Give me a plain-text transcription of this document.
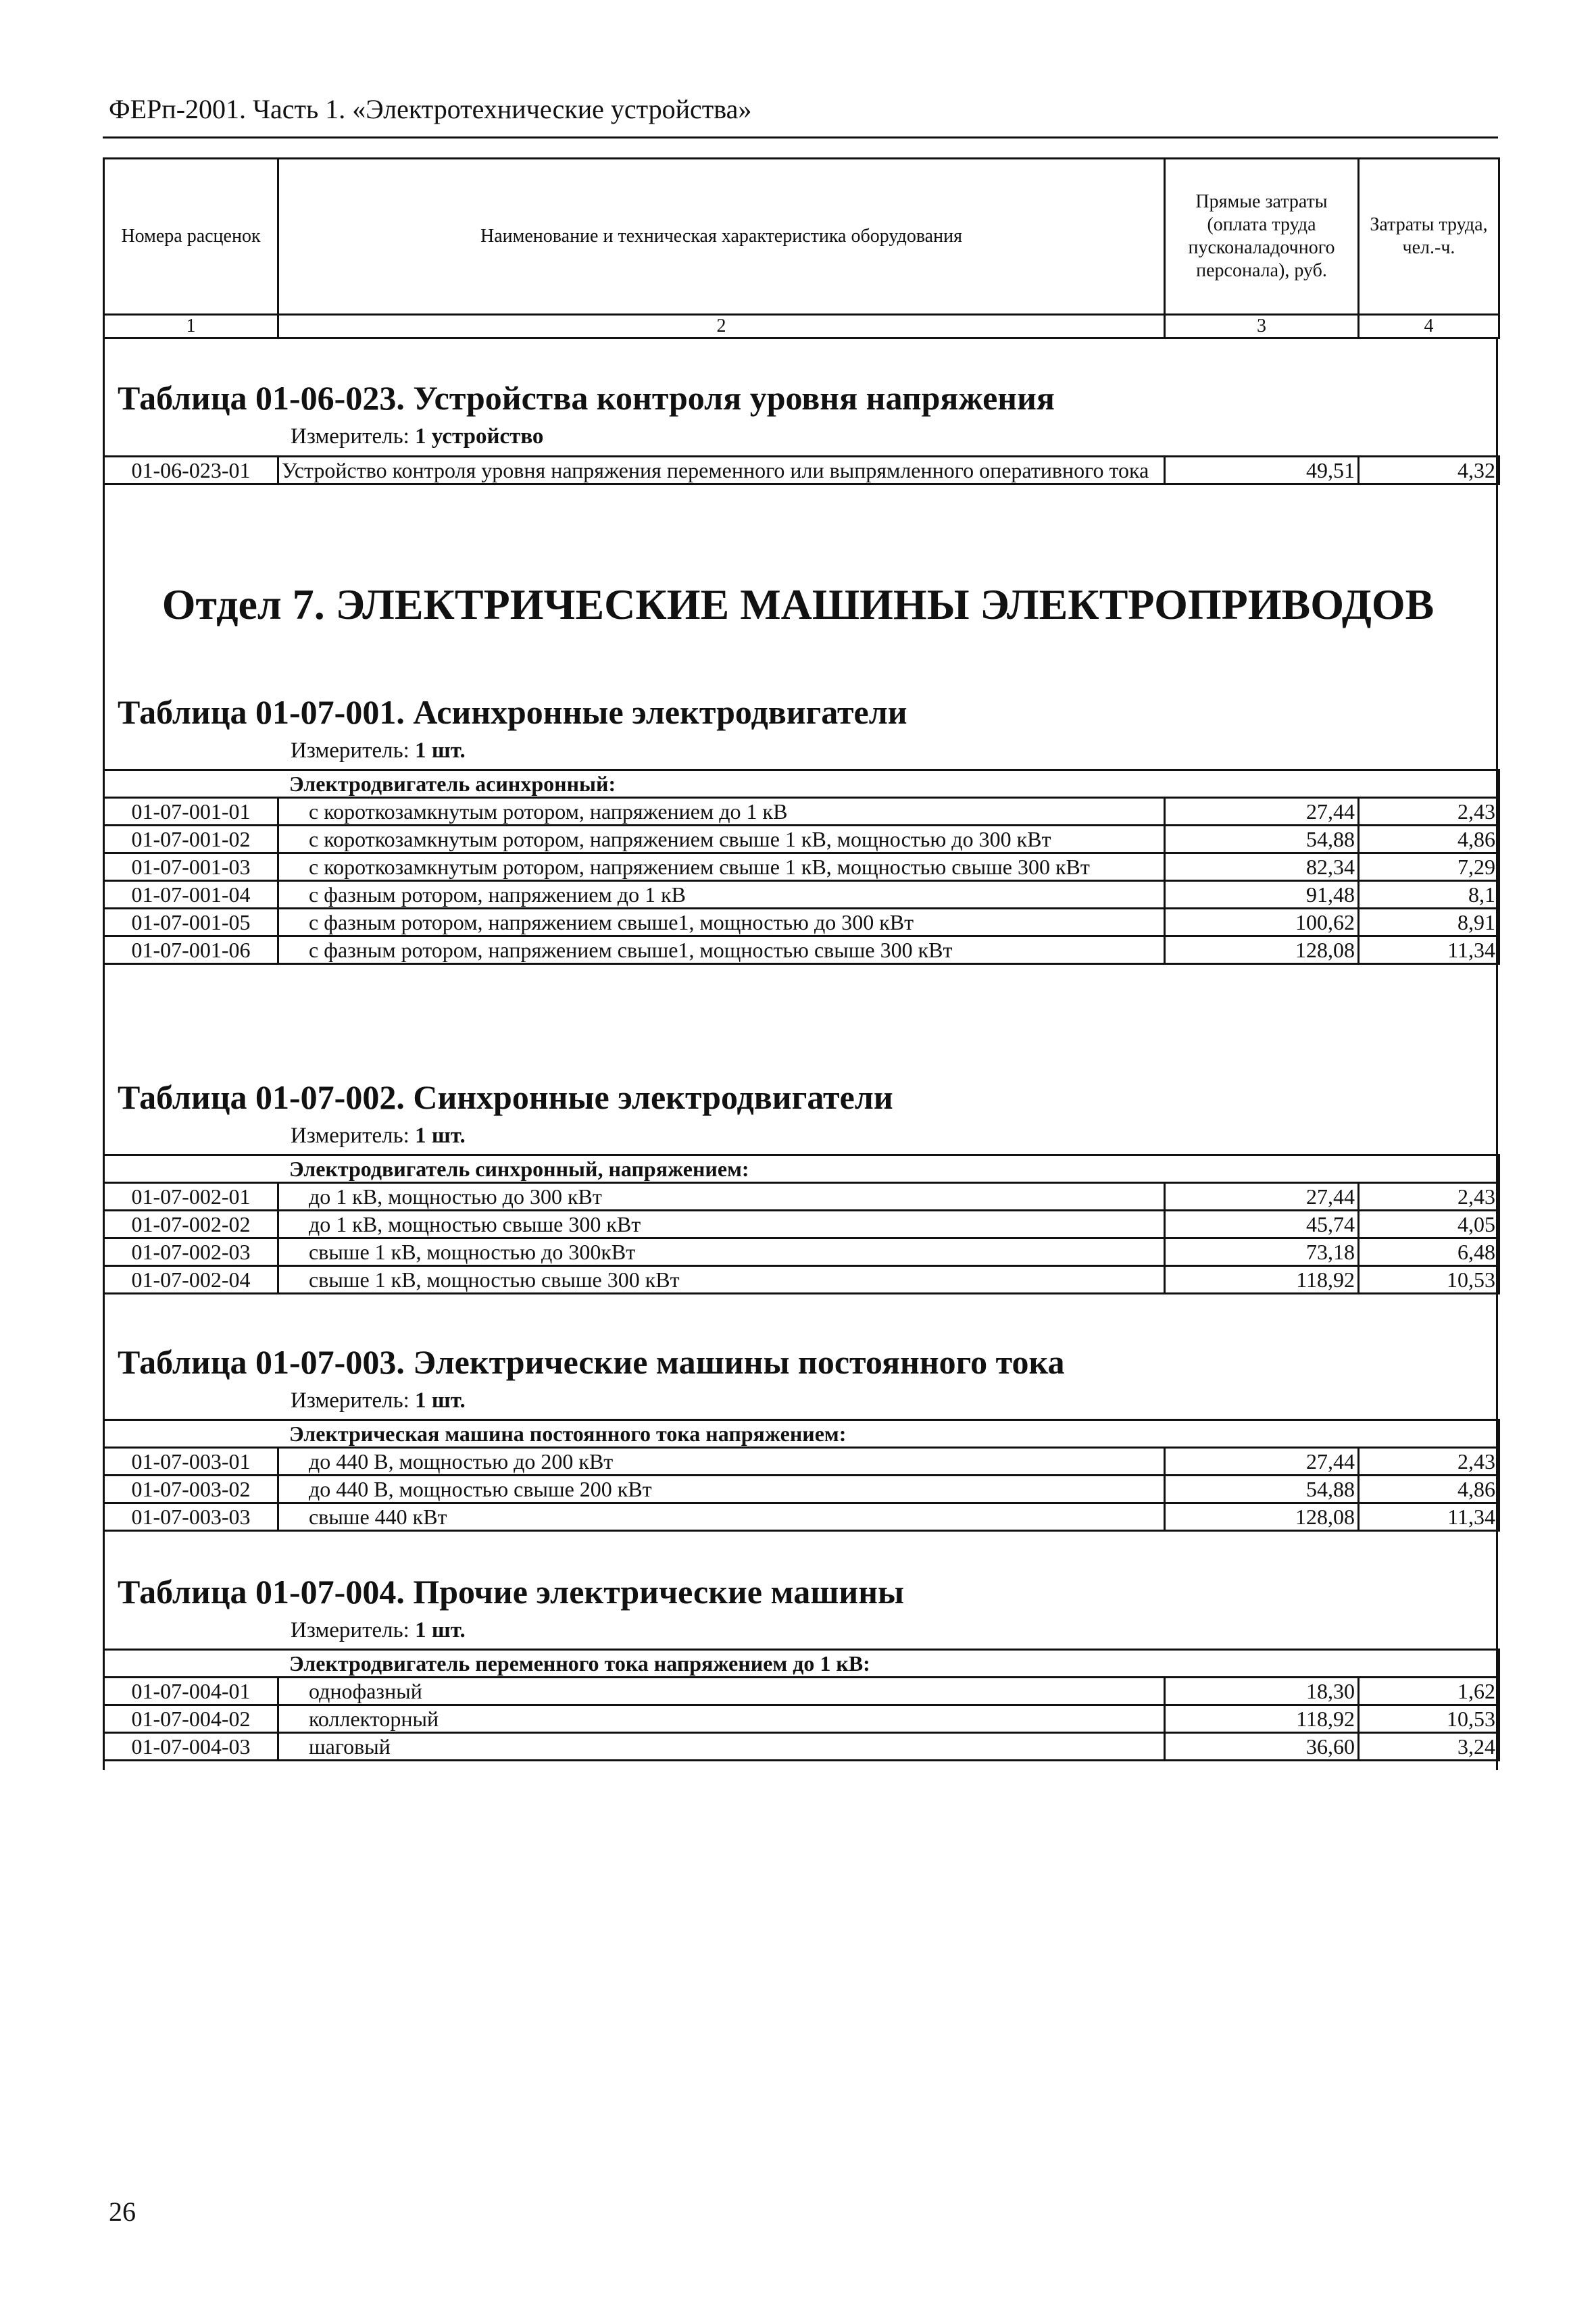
ФЕРп-2001. Часть 1. «Электротехнические устройства»
Номера расценок	Наименование и техническая характеристика оборудования	Прямые затраты (оплата труда пусконаладочного персонала), руб.	Затраты труда, чел.-ч.
1	2	3	4
Таблица 01-06-023. Устройства контроля уровня напряжения
Измеритель: 1 устройство
01-06-023-01	Устройство контроля уровня напряжения переменного или выпрямленного оперативного тока	49,51	4,32
Отдел 7. ЭЛЕКТРИЧЕСКИЕ МАШИНЫ ЭЛЕКТРОПРИВОДОВ
Таблица 01-07-001. Асинхронные электродвигатели
Измеритель: 1 шт.
Электродвигатель асинхронный:			
01-07-001-01	с короткозамкнутым ротором, напряжением до 1 кВ	27,44	2,43
01-07-001-02	с короткозамкнутым ротором, напряжением свыше 1 кВ, мощностью до 300 кВт	54,88	4,86
01-07-001-03	с короткозамкнутым ротором, напряжением свыше 1 кВ, мощностью свыше 300 кВт	82,34	7,29
01-07-001-04	с фазным ротором, напряжением до 1 кВ	91,48	8,1
01-07-001-05	с фазным ротором, напряжением свыше1, мощностью до 300 кВт	100,62	8,91
01-07-001-06	с фазным ротором, напряжением свыше1, мощностью свыше 300 кВт	128,08	11,34
Таблица 01-07-002. Синхронные электродвигатели
Измеритель: 1 шт.
Электродвигатель синхронный, напряжением:			
01-07-002-01	до 1 кВ, мощностью до 300 кВт	27,44	2,43
01-07-002-02	до 1 кВ, мощностью свыше 300 кВт	45,74	4,05
01-07-002-03	свыше 1 кВ, мощностью до 300кВт	73,18	6,48
01-07-002-04	свыше 1 кВ, мощностью свыше 300 кВт	118,92	10,53
Таблица 01-07-003. Электрические машины постоянного тока
Измеритель: 1 шт.
Электрическая машина постоянного тока напряжением:			
01-07-003-01	до 440 В, мощностью до 200 кВт	27,44	2,43
01-07-003-02	до 440 В, мощностью свыше 200 кВт	54,88	4,86
01-07-003-03	свыше 440 кВт	128,08	11,34
Таблица 01-07-004. Прочие электрические машины
Измеритель: 1 шт.
Электродвигатель переменного тока напряжением до 1 кВ:			
01-07-004-01	однофазный	18,30	1,62
01-07-004-02	коллекторный	118,92	10,53
01-07-004-03	шаговый	36,60	3,24
26
